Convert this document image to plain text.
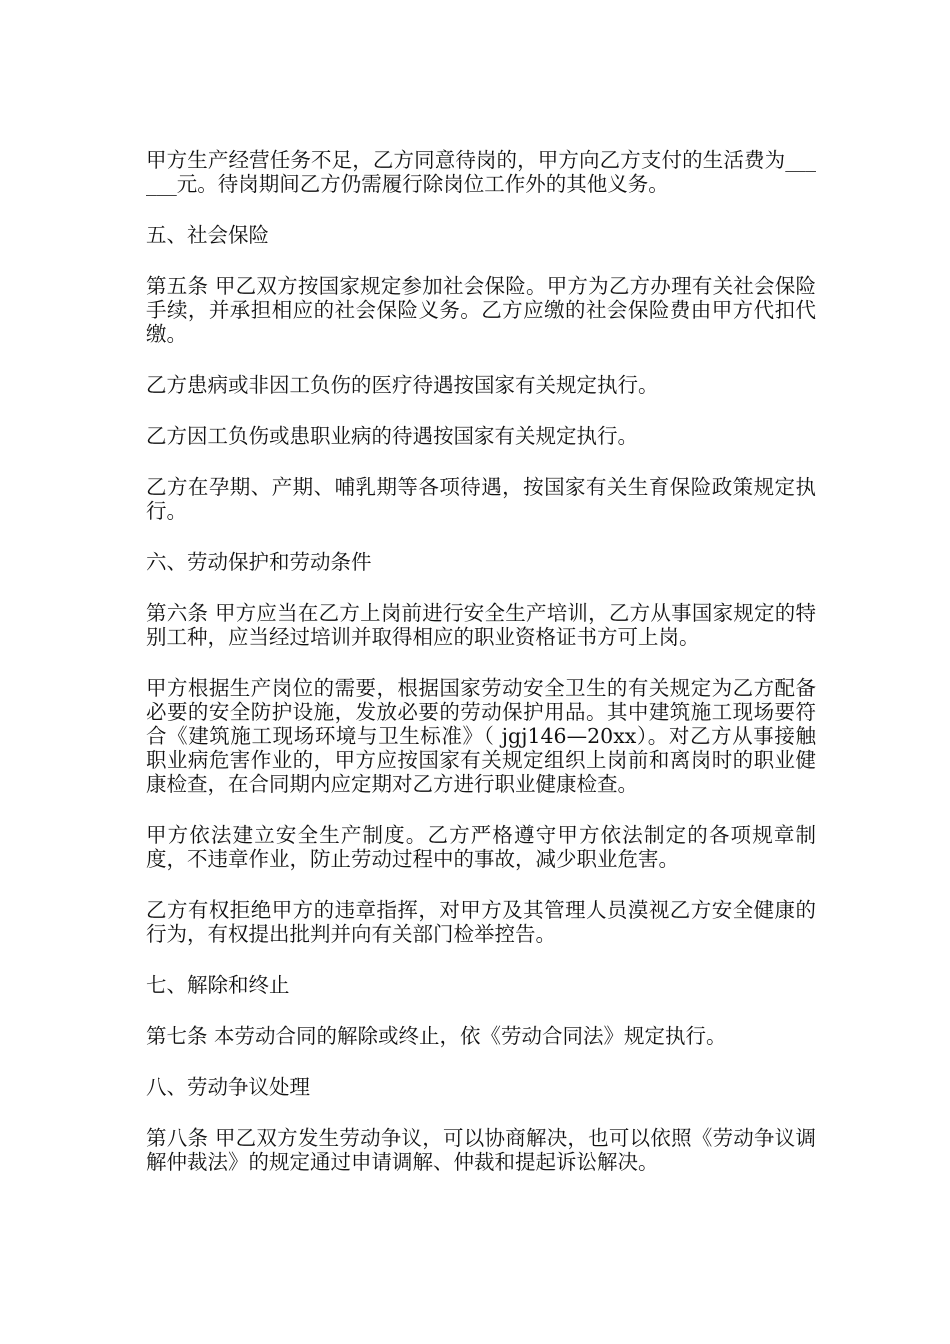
甲方生产经营任务不足，乙方同意待岗的，甲方向乙方支付的生活费为______元。待岗期间乙方仍需履行除岗位工作外的其他义务。

五、社会保险

第五条 甲乙双方按国家规定参加社会保险。甲方为乙方办理有关社会保险手续，并承担相应的社会保险义务。乙方应缴的社会保险费由甲方代扣代缴。

乙方患病或非因工负伤的医疗待遇按国家有关规定执行。

乙方因工负伤或患职业病的待遇按国家有关规定执行。

乙方在孕期、产期、哺乳期等各项待遇，按国家有关生育保险政策规定执行。

六、劳动保护和劳动条件

第六条 甲方应当在乙方上岗前进行安全生产培训，乙方从事国家规定的特别工种，应当经过培训并取得相应的职业资格证书方可上岗。

甲方根据生产岗位的需要，根据国家劳动安全卫生的有关规定为乙方配备必要的安全防护设施，发放必要的劳动保护用品。其中建筑施工现场要符合《建筑施工现场环境与卫生标准》（ jgj146—20xx）。对乙方从事接触职业病危害作业的，甲方应按国家有关规定组织上岗前和离岗时的职业健康检查，在合同期内应定期对乙方进行职业健康检查。

甲方依法建立安全生产制度。乙方严格遵守甲方依法制定的各项规章制度，不违章作业，防止劳动过程中的事故，减少职业危害。

乙方有权拒绝甲方的违章指挥，对甲方及其管理人员漠视乙方安全健康的行为，有权提出批判并向有关部门检举控告。

七、解除和终止

第七条 本劳动合同的解除或终止，依《劳动合同法》规定执行。

八、劳动争议处理

第八条 甲乙双方发生劳动争议，可以协商解决，也可以依照《劳动争议调解仲裁法》的规定通过申请调解、仲裁和提起诉讼解决。
